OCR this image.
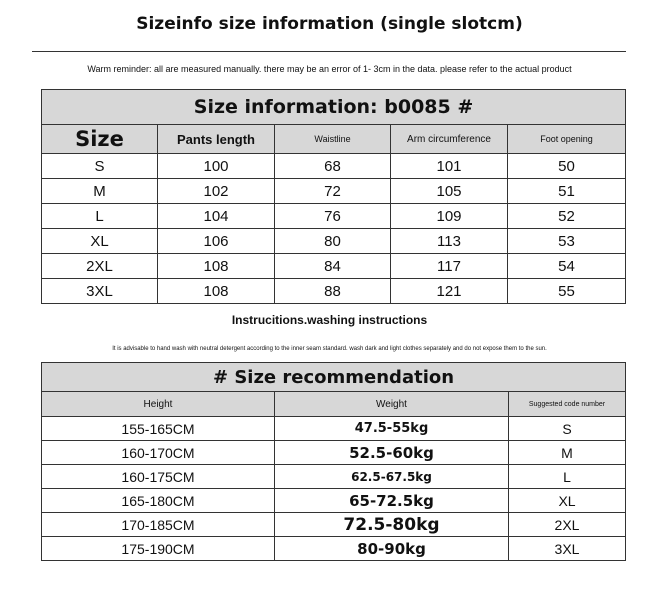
Sizeinfo size information (single slotcm)
Warm reminder: all are measured manually. there may be an error of 1- 3cm in the data. please refer to the actual product
Size information: b0085 #				
Size	Pants length	Waistline	Arm circumference	Foot opening
S	100	68	101	50
M	102	72	105	51
L	104	76	109	52
XL	106	80	113	53
2XL	108	84	117	54
3XL	108	88	121	55
Instrucitions.washing instructions
It is advisable to hand wash with neutral detergent according to the inner seam standard. wash dark and light clothes separately and do not expose them to the sun.
# Size recommendation		
Height	Weight	Suggested code number
155-165CM	47.5-55kg	S
160-170CM	52.5-60kg	M
160-175CM	62.5-67.5kg	L
165-180CM	65-72.5kg	XL
170-185CM	72.5-80kg	2XL
175-190CM	80-90kg	3XL
